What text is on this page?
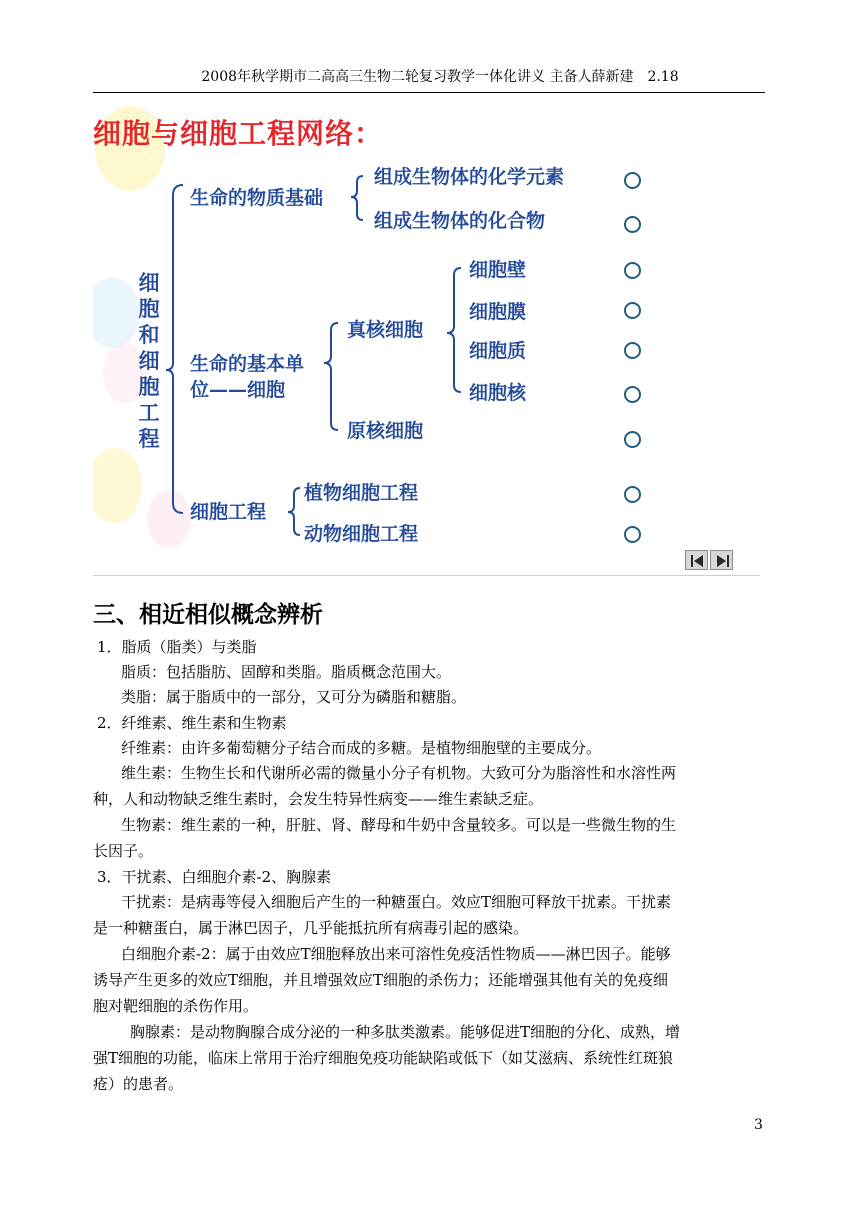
2008年秋学期市二高高三生物二轮复习教学一体化讲义 主备人薛新建　2.18
细胞与细胞工程网络：
细
胞
和
细
胞
工
程
生命的物质基础
组成生物体的化学元素
组成生物体的化合物
生命的基本单
位——细胞
真核细胞
细胞壁
细胞膜
细胞质
细胞核
原核细胞
细胞工程
植物细胞工程
动物细胞工程
三、相近相似概念辨析
1．脂质（脂类）与类脂
脂质：包括脂肪、固醇和类脂。脂质概念范围大。
类脂：属于脂质中的一部分，又可分为磷脂和糖脂。
2．纤维素、维生素和生物素
纤维素：由许多葡萄糖分子结合而成的多糖。是植物细胞壁的主要成分。
维生素：生物生长和代谢所必需的微量小分子有机物。大致可分为脂溶性和水溶性两
种，人和动物缺乏维生素时，会发生特异性病变——维生素缺乏症。
生物素：维生素的一种，肝脏、肾、酵母和牛奶中含量较多。可以是一些微生物的生
长因子。
3．干扰素、白细胞介素-2、胸腺素
干扰素：是病毒等侵入细胞后产生的一种糖蛋白。效应T细胞可释放干扰素。干扰素
是一种糖蛋白，属于淋巴因子，几乎能抵抗所有病毒引起的感染。
白细胞介素-2：属于由效应T细胞释放出来可溶性免疫活性物质——淋巴因子。能够
诱导产生更多的效应T细胞，并且增强效应T细胞的杀伤力；还能增强其他有关的免疫细
胞对靶细胞的杀伤作用。
胸腺素：是动物胸腺合成分泌的一种多肽类激素。能够促进T细胞的分化、成熟，增
强T细胞的功能，临床上常用于治疗细胞免疫功能缺陷或低下（如艾滋病、系统性红斑狼
疮）的患者。
3
